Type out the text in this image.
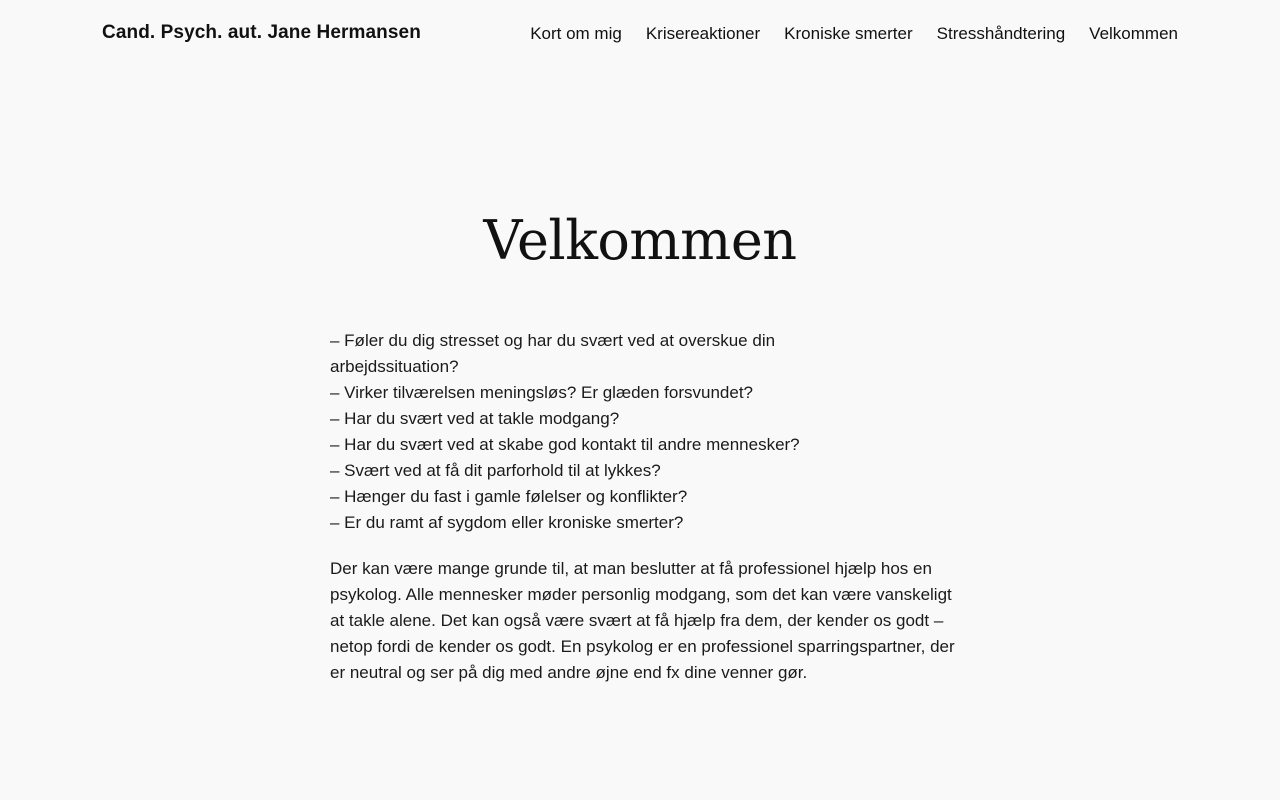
Cand. Psych. aut. Jane Hermansen	Kort om mig Krisereaktioner Kroniske smerter Stresshåndtering Velkommen
Velkommen

– Føler du dig stresset og har du svært ved at overskue din arbejdssituation?
– Virker tilværelsen meningsløs? Er glæden forsvundet?
– Har du svært ved at takle modgang?
– Har du svært ved at skabe god kontakt til andre mennesker?
– Svært ved at få dit parforhold til at lykkes?
– Hænger du fast i gamle følelser og konflikter?
– Er du ramt af sygdom eller kroniske smerter?

Der kan være mange grunde til, at man beslutter at få professionel hjælp hos en psykolog. Alle mennesker møder personlig modgang, som det kan være vanskeligt at takle alene. Det kan også være svært at få hjælp fra dem, der kender os godt – netop fordi de kender os godt. En psykolog er en professionel sparringspartner, der er neutral og ser på dig med andre øjne end fx dine venner gør.
